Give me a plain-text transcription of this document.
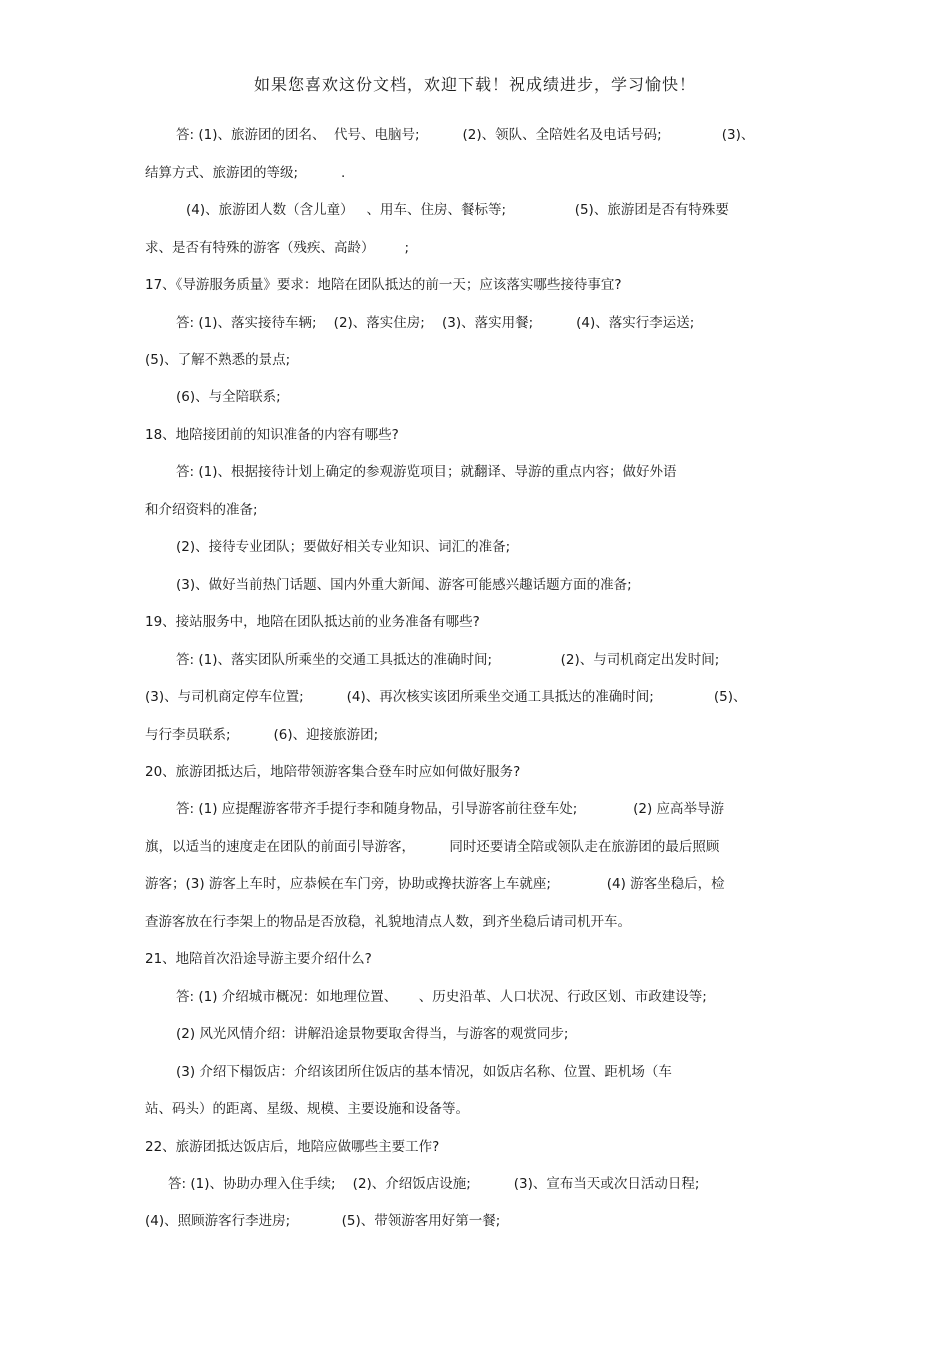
如果您喜欢这份文档，欢迎下载！祝成绩进步，学习愉快！
答: (1)、旅游团的团名、  代号、电脑号;          (2)、领队、全陪姓名及电话号码;              (3)、
结算方式、旅游团的等级;          .
(4)、旅游团人数（含儿童）   、用车、住房、餐标等;                (5)、旅游团是否有特殊要
求、是否有特殊的游客（残疾、高龄）       ;
17、《导游服务质量》要求：地陪在团队抵达的前一天；应该落实哪些接待事宜?
答: (1)、落实接待车辆;    (2)、落实住房;    (3)、落实用餐;          (4)、落实行李运送;
(5)、了解不熟悉的景点;
(6)、与全陪联系;
18、地陪接团前的知识准备的内容有哪些?
答: (1)、根据接待计划上确定的参观游览项目；就翻译、导游的重点内容；做好外语
和介绍资料的准备;
(2)、接待专业团队；要做好相关专业知识、词汇的准备;
(3)、做好当前热门话题、国内外重大新闻、游客可能感兴趣话题方面的准备;
19、接站服务中，地陪在团队抵达前的业务准备有哪些?
答: (1)、落实团队所乘坐的交通工具抵达的准确时间;                (2)、与司机商定出发时间;
(3)、与司机商定停车位置;          (4)、再次核实该团所乘坐交通工具抵达的准确时间;              (5)、
与行李员联系;          (6)、迎接旅游团;
20、旅游团抵达后，地陪带领游客集合登车时应如何做好服务?
答: (1) 应提醒游客带齐手提行李和随身物品，引导游客前往登车处;             (2) 应高举导游
旗，以适当的速度走在团队的前面引导游客，        同时还要请全陪或领队走在旅游团的最后照顾
游客；(3) 游客上车时，应恭候在车门旁，协助或搀扶游客上车就座;             (4) 游客坐稳后，检
查游客放在行李架上的物品是否放稳，礼貌地清点人数，到齐坐稳后请司机开车。
21、地陪首次沿途导游主要介绍什么?
答: (1) 介绍城市概况：如地理位置、     、历史沿革、人口状况、行政区划、市政建设等;
(2) 风光风情介绍：讲解沿途景物要取舍得当，与游客的观赏同步;
(3) 介绍下榻饭店：介绍该团所住饭店的基本情况，如饭店名称、位置、距机场（车
站、码头）的距离、星级、规模、主要设施和设备等。
22、旅游团抵达饭店后，地陪应做哪些主要工作?
答: (1)、协助办理入住手续;    (2)、介绍饭店设施;          (3)、宣布当天或次日活动日程;
(4)、照顾游客行李进房;            (5)、带领游客用好第一餐;
